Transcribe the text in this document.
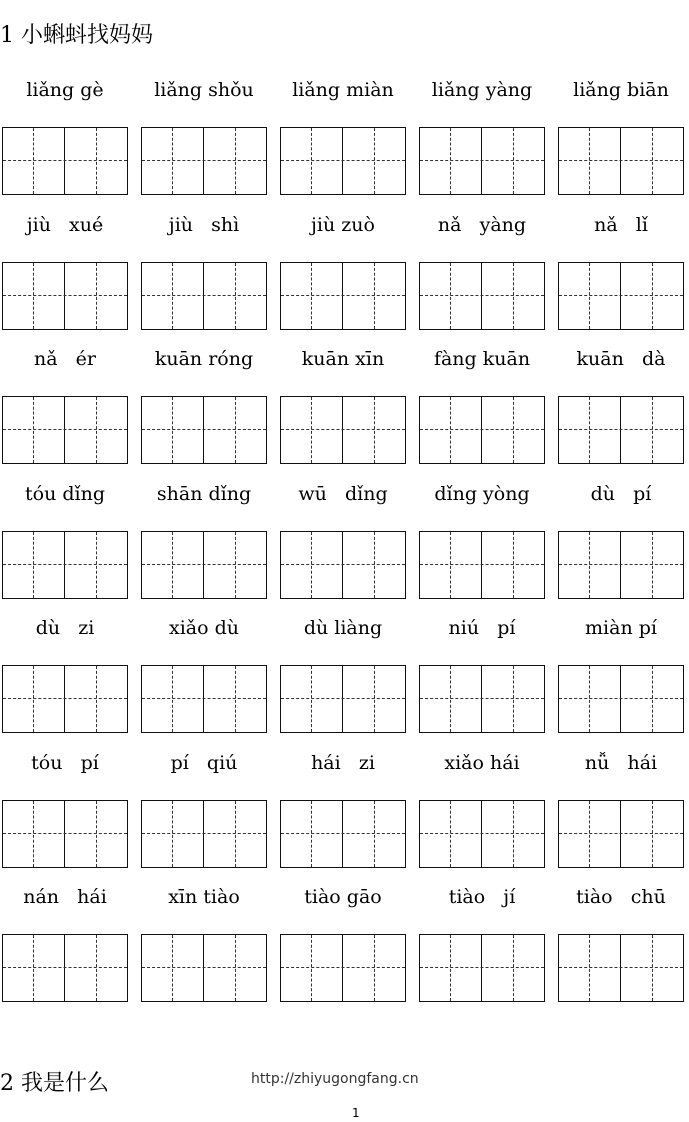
1 小蝌蚪找妈妈
liǎng gè	liǎng shǒu	liǎng miàn	liǎng yàng	liǎng biān
jiù   xué	jiù   shì	jiù zuò	nǎ   yàng	nǎ   lǐ
nǎ   ér	kuān róng	kuān xīn	fàng kuān	kuān   dà
tóu dǐng	shān dǐng	wū   dǐng	dǐng yòng	dù   pí
dù   zi	xiǎo dù	dù liàng	niú   pí	miàn pí
tóu   pí	pí   qiú	hái   zi	xiǎo hái	nǚ   hái
nán   hái	xīn tiào	tiào gāo	tiào   jí	tiào   chū
2 我是什么	http://zhiyugongfang.cn
1
